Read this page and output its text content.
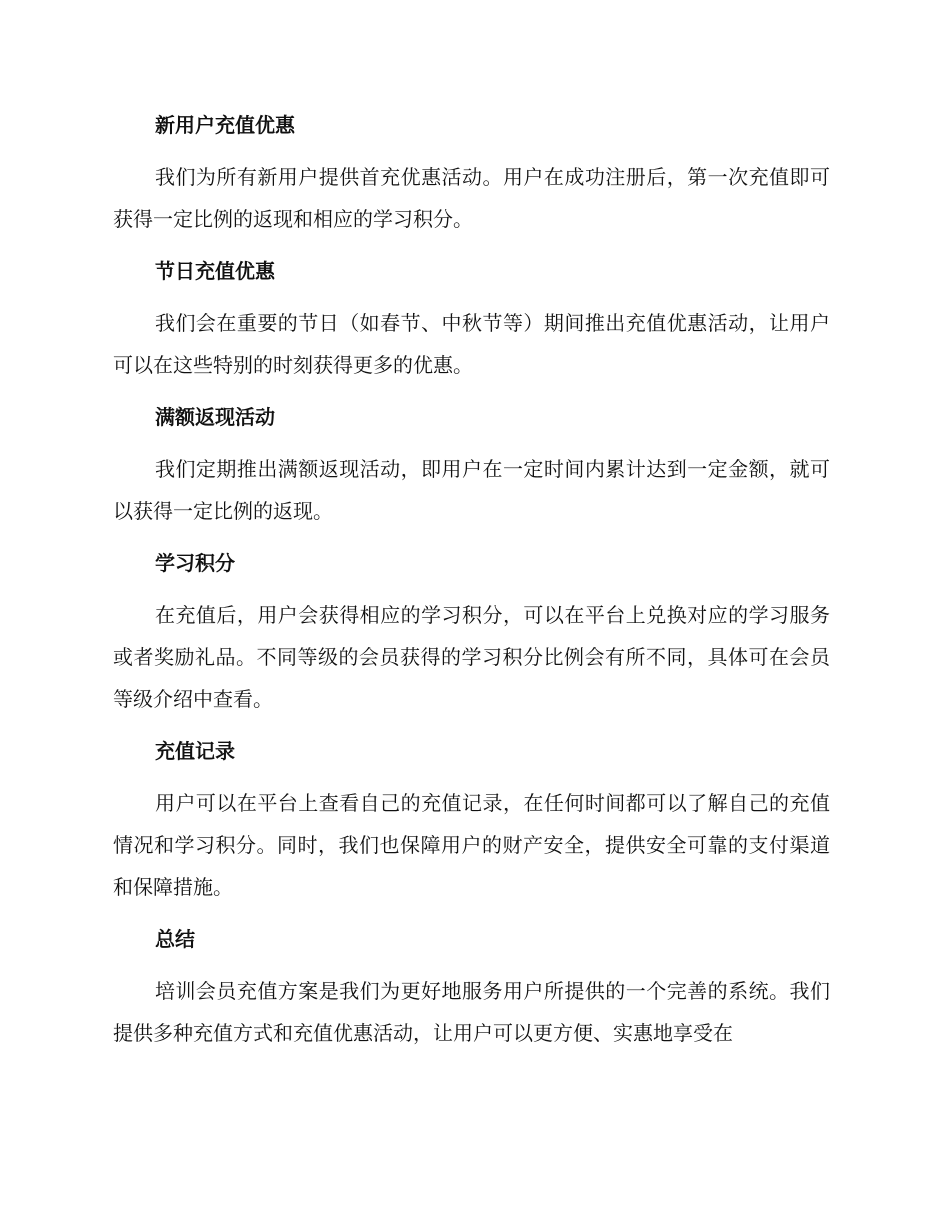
新用户充值优惠

我们为所有新用户提供首充优惠活动。用户在成功注册后，第一次充值即可获得一定比例的返现和相应的学习积分。

节日充值优惠

我们会在重要的节日（如春节、中秋节等）期间推出充值优惠活动，让用户可以在这些特别的时刻获得更多的优惠。

满额返现活动

我们定期推出满额返现活动，即用户在一定时间内累计达到一定金额，就可以获得一定比例的返现。

学习积分

在充值后，用户会获得相应的学习积分，可以在平台上兑换对应的学习服务或者奖励礼品。不同等级的会员获得的学习积分比例会有所不同，具体可在会员等级介绍中查看。

充值记录

用户可以在平台上查看自己的充值记录，在任何时间都可以了解自己的充值情况和学习积分。同时，我们也保障用户的财产安全，提供安全可靠的支付渠道和保障措施。

总结

培训会员充值方案是我们为更好地服务用户所提供的一个完善的系统。我们提供多种充值方式和充值优惠活动，让用户可以更方便、实惠地享受在
